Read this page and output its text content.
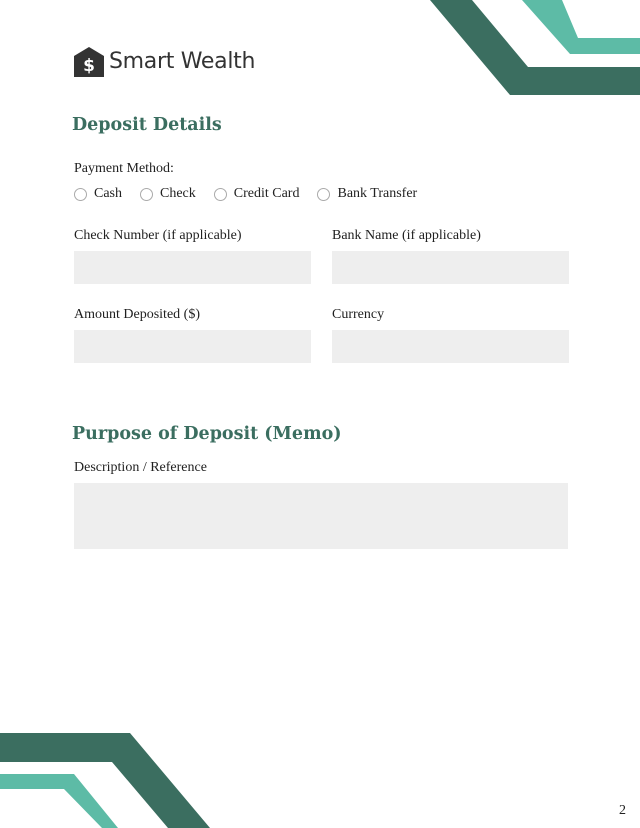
$ Smart Wealth
Deposit Details
Payment Method:
Cash	Check	Credit Card	Bank Transfer
Check Number (if applicable)	Bank Name (if applicable)
Amount Deposited ($)	Currency
Purpose of Deposit (Memo)
Description / Reference
2
